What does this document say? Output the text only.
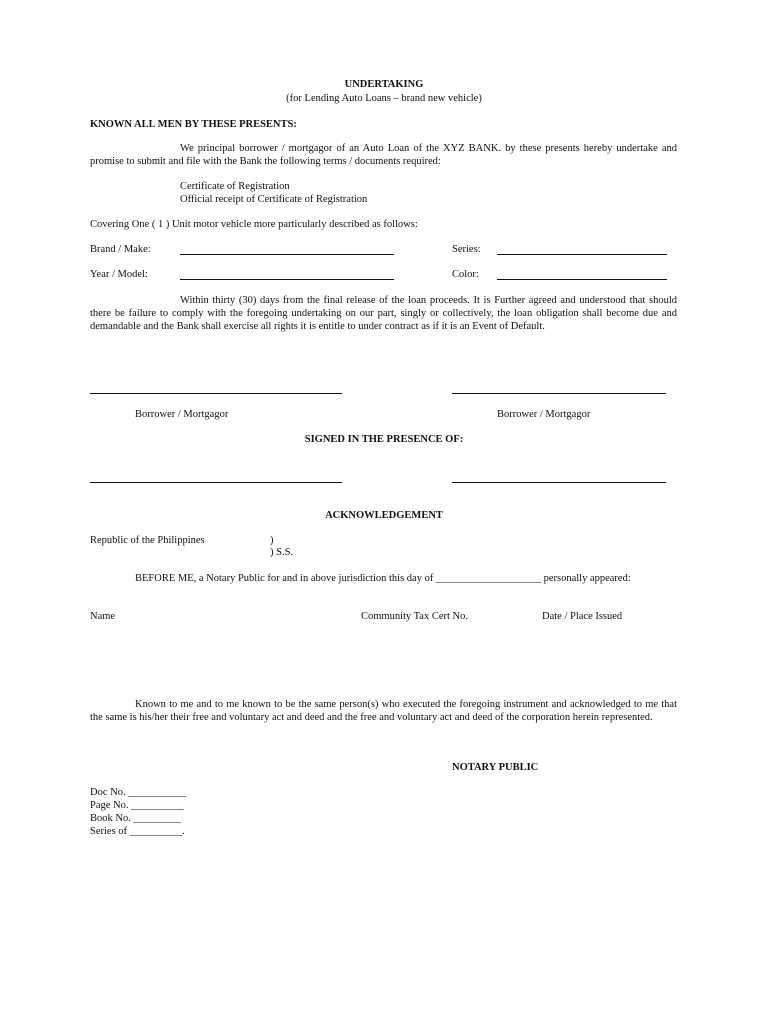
UNDERTAKING
(for Lending Auto Loans – brand new vehicle)
KNOWN ALL MEN BY THESE PRESENTS:
We principal borrower / mortgagor of an Auto Loan of the XYZ BANK. by these presents hereby undertake and promise to submit and file with the Bank the following terms / documents required:
Certificate of Registration
Official receipt of Certificate of Registration
Covering One ( 1 ) Unit motor vehicle more particularly described as follows:
Brand / Make:	Series:
Year / Model:	Color:
Within thirty (30) days from the final release of the loan proceeds. It is Further agreed and understood that should there be failure to comply with the foregoing undertaking on our part, singly or collectively, the loan obligation shall become due and demandable and the Bank shall exercise all rights it is entitle to under contract as if it is an Event of Default.
Borrower / Mortgagor	Borrower / Mortgagor
SIGNED IN THE PRESENCE OF:
ACKNOWLEDGEMENT
Republic of the Philippines	)
) S.S.
BEFORE ME, a Notary Public for and in above jurisdiction this day of ____________________ personally appeared:
Name	Community Tax Cert No.	Date / Place Issued
Known to me and to me known to be the same person(s) who executed the foregoing instrument and acknowledged to me that the same is his/her their free and voluntary act and deed and the free and voluntary act and deed of the corporation herein represented.
NOTARY PUBLIC
Doc No. ___________
Page No. __________
Book No. _________
Series of __________.
